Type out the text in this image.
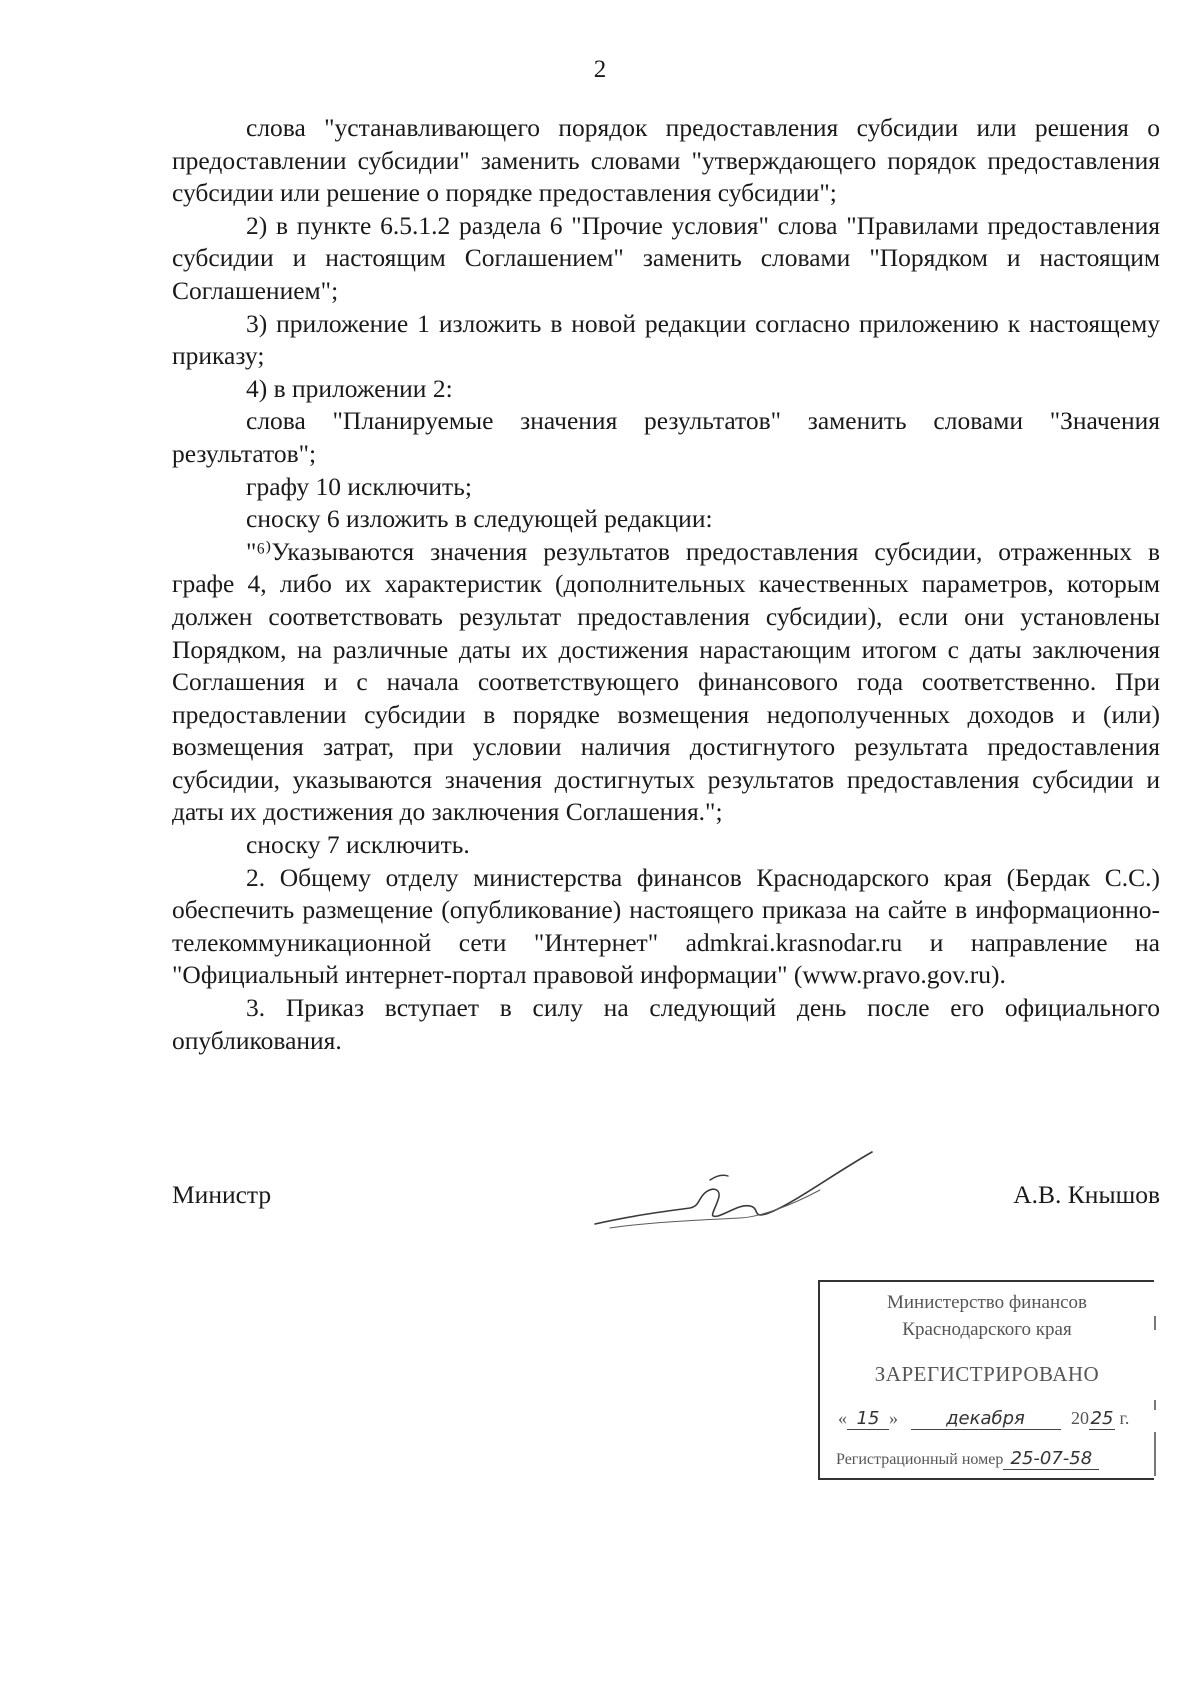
2

слова "устанавливающего порядок предоставления субсидии или решения о предоставлении субсидии" заменить словами "утверждающего порядок предоставления субсидии или решение о порядке предоставления субсидии";

2) в пункте 6.5.1.2 раздела 6 "Прочие условия" слова "Правилами предоставления субсидии и настоящим Соглашением" заменить словами "Порядком и настоящим Соглашением";

3) приложение 1 изложить в новой редакции согласно приложению к настоящему приказу;

4) в приложении 2:

слова "Планируемые значения результатов" заменить словами "Значения результатов";

графу 10 исключить;

сноску 6 изложить в следующей редакции:

"⁶⁾Указываются значения результатов предоставления субсидии, отраженных в графе 4, либо их характеристик (дополнительных качественных параметров, которым должен соответствовать результат предоставления субсидии), если они установлены Порядком, на различные даты их достижения нарастающим итогом с даты заключения Соглашения и с начала соответствующего финансового года соответственно. При предоставлении субсидии в порядке возмещения недополученных доходов и (или) возмещения затрат, при условии наличия достигнутого результата предоставления субсидии, указываются значения достигнутых результатов предоставления субсидии и даты их достижения до заключения Соглашения.";

сноску 7 исключить.

2. Общему отделу министерства финансов Краснодарского края (Бердак С.С.) обеспечить размещение (опубликование) настоящего приказа на сайте в информационно-телекоммуникационной сети "Интернет" admkrai.krasnodar.ru и направление на "Официальный интернет-портал правовой информации" (www.pravo.gov.ru).

3. Приказ вступает в силу на следующий день после его официального опубликования.

Министр	А.В. Кнышов
Министерство финансов
Краснодарского края
ЗАРЕГИСТРИРОВАНО
« 15 »	декабря	2025 г.
Регистрационный номер 25-07-58
